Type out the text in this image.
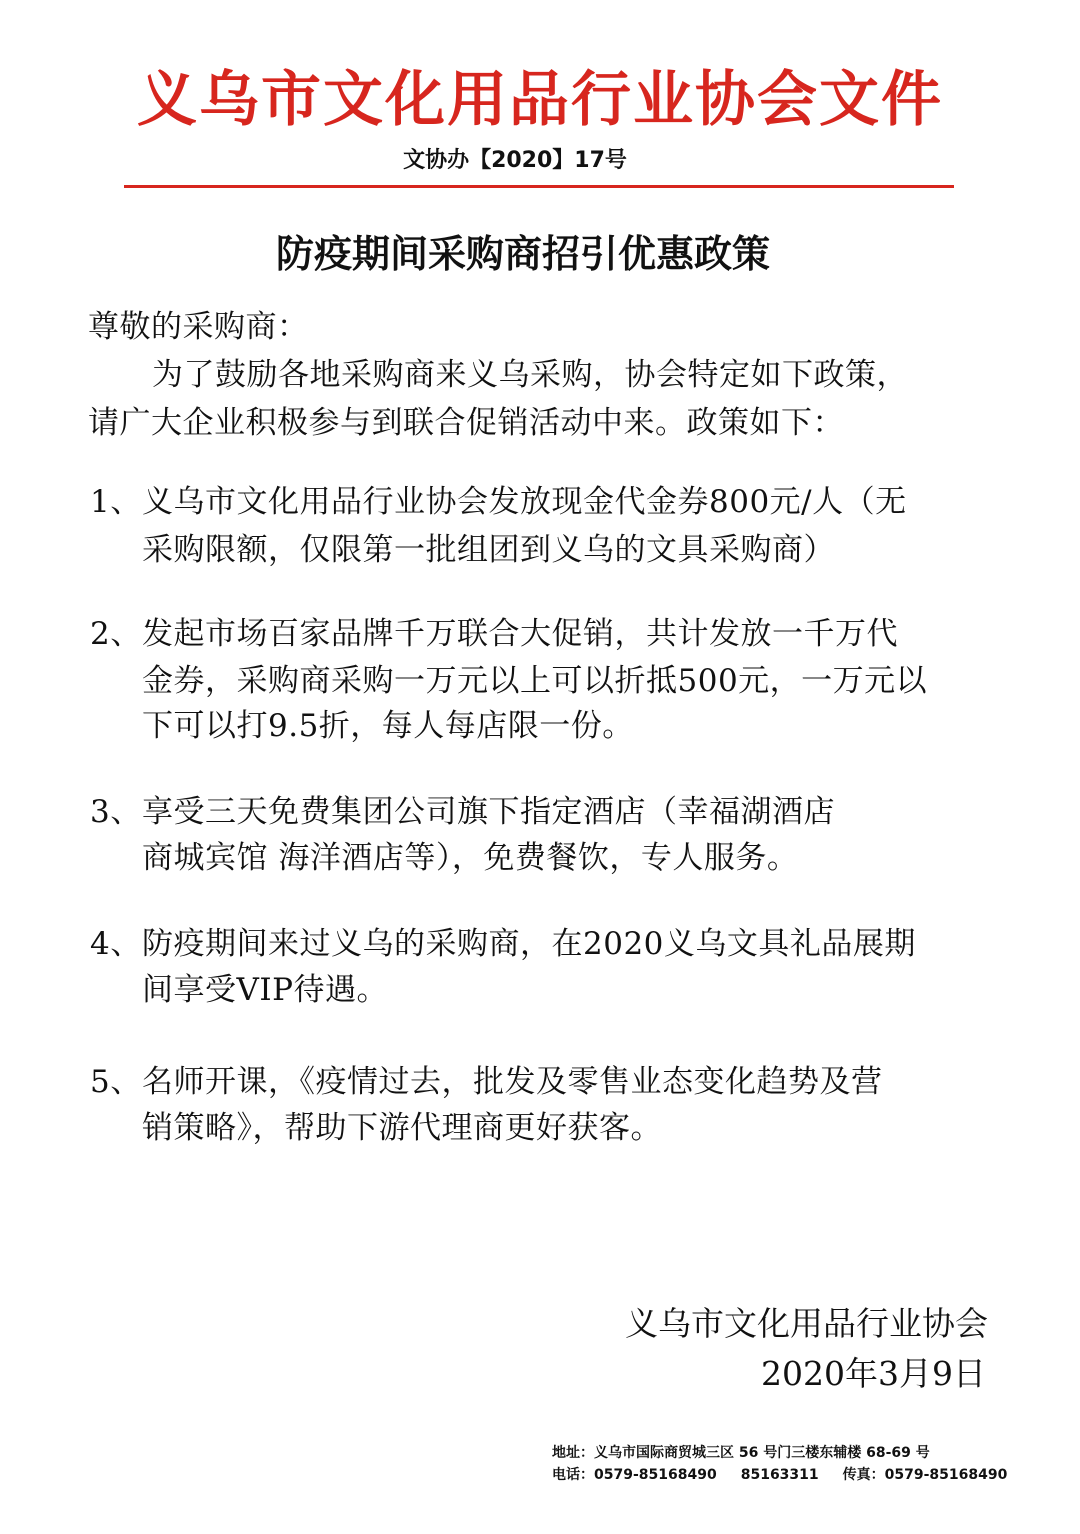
义乌市文化用品行业协会文件
文协办【2020】17号
防疫期间采购商招引优惠政策
尊敬的采购商：
为了鼓励各地采购商来义乌采购，协会特定如下政策，
请广大企业积极参与到联合促销活动中来。政策如下：
1、 义乌市文化用品行业协会发放现金代金券800元/人（无
采购限额，仅限第一批组团到义乌的文具采购商）
2、 发起市场百家品牌千万联合大促销，共计发放一千万代
金券，采购商采购一万元以上可以折抵500元，一万元以
下可以打9.5折，每人每店限一份。
3、 享受三天免费集团公司旗下指定酒店（幸福湖酒店
商城宾馆 海洋酒店等），免费餐饮，专人服务。
4、 防疫期间来过义乌的采购商，在2020义乌文具礼品展期
间享受VIP待遇。
5、 名师开课，《疫情过去，批发及零售业态变化趋势及营
销策略》，帮助下游代理商更好获客。
义乌市文化用品行业协会
2020年3月9日
地址：义乌市国际商贸城三区 56 号门三楼东辅楼 68-69 号
电话：0579-85168490 85163311 传真：0579-85168490
